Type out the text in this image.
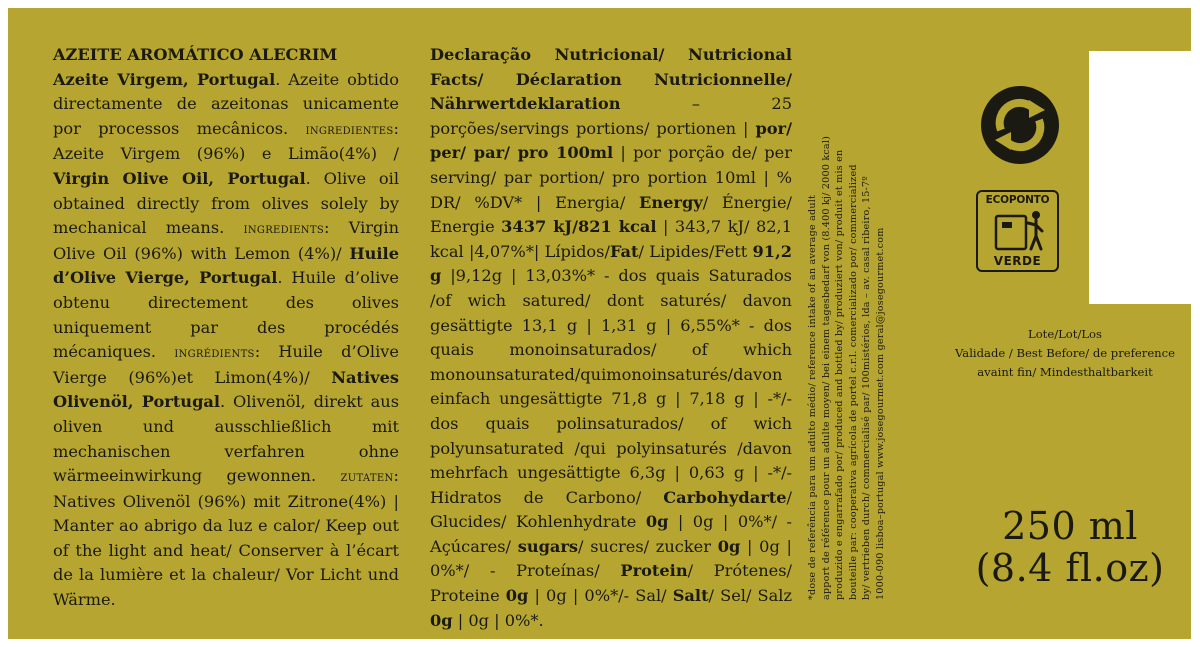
AZEITE AROMÁTICO ALECRIM
Azeite Virgem, Portugal. Azeite obtido directamente de azeitonas unicamente por processos mecânicos. ingredientes: Azeite Virgem (96%) e Limão(4%) / Virgin Olive Oil, Portugal. Olive oil obtained directly from olives solely by mechanical means. ingredients: Virgin Olive Oil (96%) with Lemon (4%)/ Huile d’Olive Vierge, Portugal. Huile d’olive obtenu directement des olives uniquement par des procédés mécaniques. ingrédients: Huile d’Olive Vierge (96%)et Limon(4%)/ Natives Olivenöl, Portugal. Olivenöl, direkt aus oliven und ausschließlich mit mechanischen verfahren ohne wärmeeinwirkung gewonnen. zutaten: Natives Olivenöl (96%) mit Zitrone(4%) | Manter ao abrigo da luz e calor/ Keep out of the light and heat/ Conserver à l’écart de la lumière et la chaleur/ Vor Licht und Wärme.
Declaração Nutricional/ Nutricional Facts/ Déclaration Nutricionnelle/ Nährwertdeklaration – 25 porções/servings portions/ portionen | por/ per/ par/ pro 100ml | por porção de/ per serving/ par portion/ pro portion 10ml | % DR/ %DV* | Energia/ Energy/ Énergie/ Energie 3437 kJ/821 kcal | 343,7 kJ/ 82,1 kcal |4,07%*| Lípidos/Fat/ Lipides/Fett 91,2 g |9,12g | 13,03%* - dos quais Saturados /of wich satured/ dont saturés/ davon gesättigte 13,1 g | 1,31 g | 6,55%* - dos quais monoinsaturados/ of which monounsaturated/quimonoinsaturés/davon einfach ungesättigte 71,8 g | 7,18 g | -*/- dos quais polinsaturados/ of wich polyunsaturated /qui polyinsaturés /davon mehrfach ungesättigte 6,3g | 0,63 g | -*/- Hidratos de Carbono/ Carbohydarte/ Glucides/ Kohlenhydrate 0g | 0g | 0%*/ - Açúcares/ sugars/ sucres/ zucker 0g | 0g | 0%*/ - Proteínas/ Protein/ Prótenes/ Proteine 0g | 0g | 0%*/- Sal/ Salt/ Sel/ Salz 0g | 0g | 0%*.
*dose de referência para um adulto médio/ reference intake of an average adult apport de référence pour un adulte moyen/ bei einem tagesbedarf von (8.400 kj/ 2000 kcal) produzido e engarrafado por/ produced and bottled by/ produziert von/ produit et mis en bouteille par: cooperativa agrícola de portel c.r.l. comercializado por/ commercialized by/ vertrieben durch/ commercialisé par/ 100mistérios, lda – av. casal ribeiro, 15-7º 1000-090 lisboa–portugal www.josegourmet.com geral@josegourmet.com
ECOPONTO
VERDE
Lote/Lot/Los
Validade / Best Before/ de preference
avaint fin/ Mindesthaltbarkeit
250 ml
(8.4 fl.oz)
